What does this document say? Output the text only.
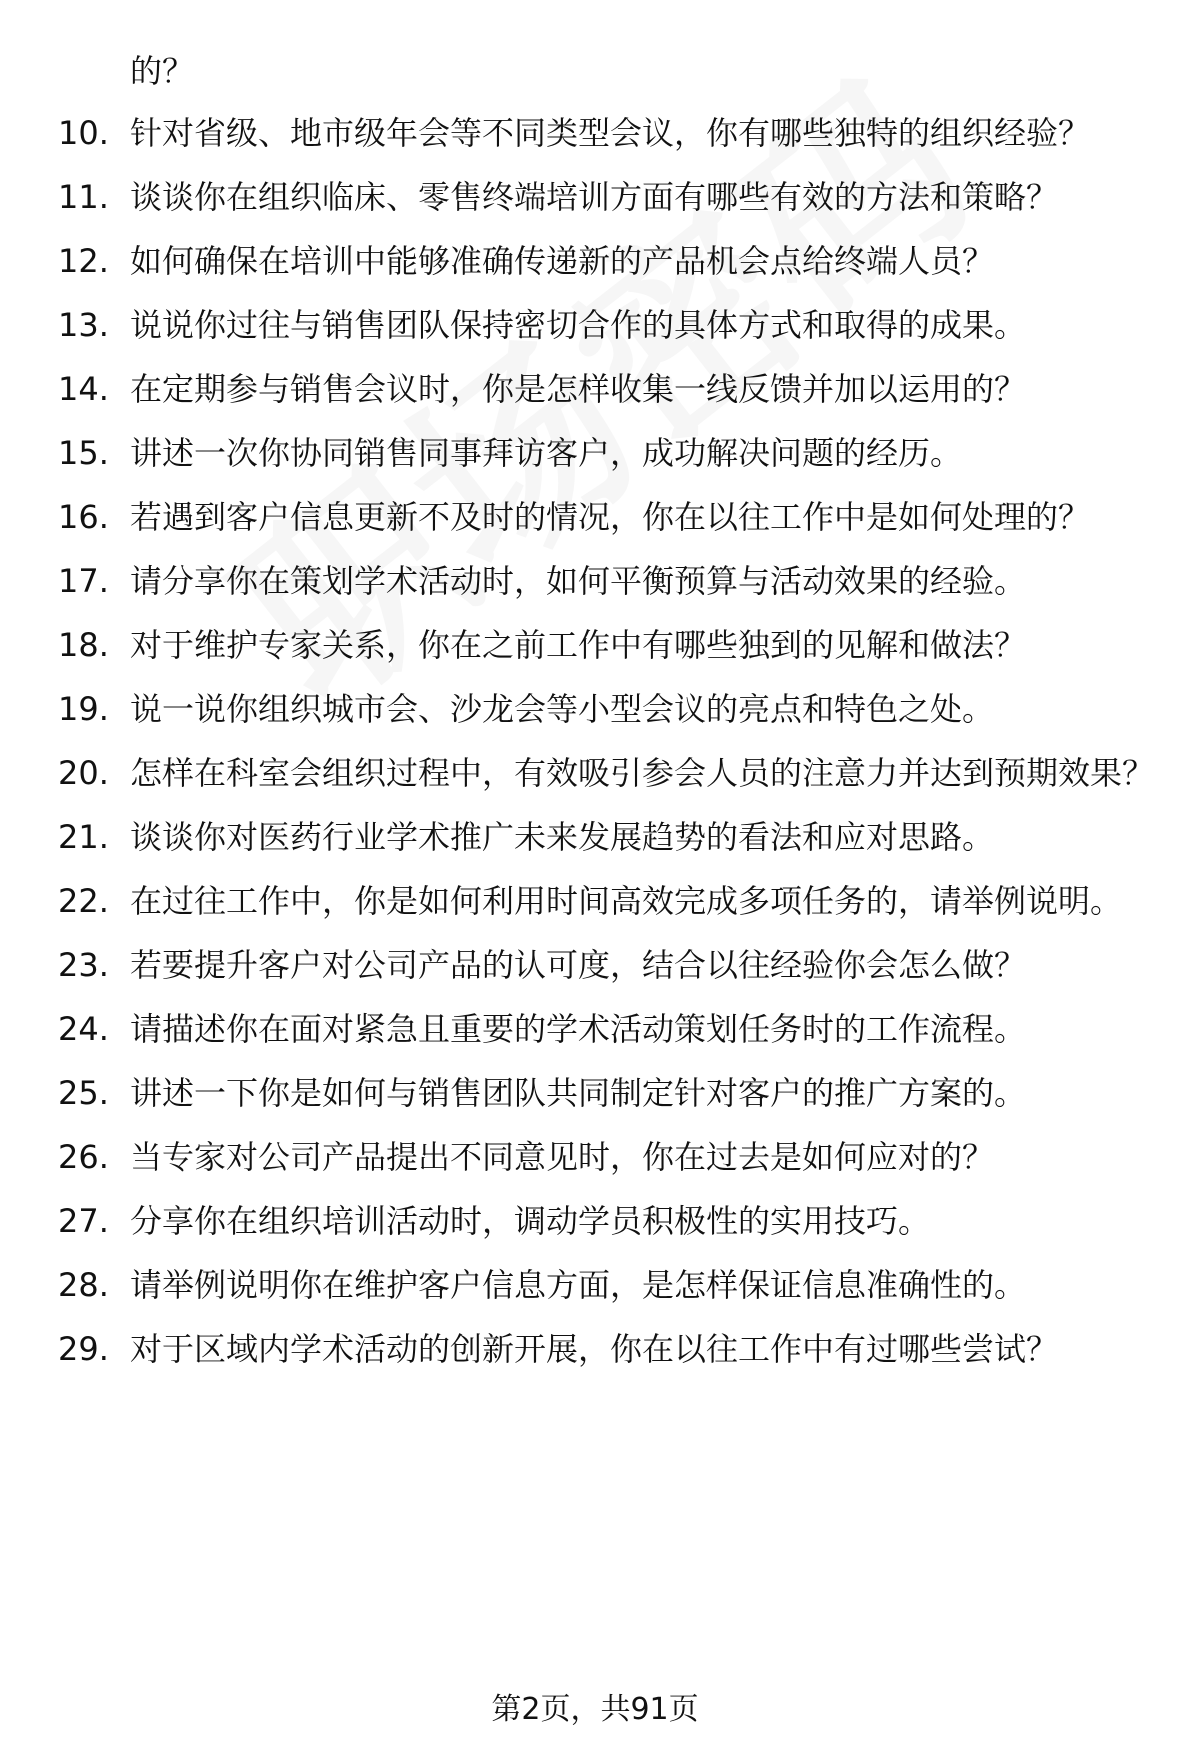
的？
10. 针对省级、地市级年会等不同类型会议，你有哪些独特的组织经验？
11. 谈谈你在组织临床、零售终端培训方面有哪些有效的方法和策略？
12. 如何确保在培训中能够准确传递新的产品机会点给终端人员？
13. 说说你过往与销售团队保持密切合作的具体方式和取得的成果。
14. 在定期参与销售会议时，你是怎样收集一线反馈并加以运用的？
15. 讲述一次你协同销售同事拜访客户，成功解决问题的经历。
16. 若遇到客户信息更新不及时的情况，你在以往工作中是如何处理的？
17. 请分享你在策划学术活动时，如何平衡预算与活动效果的经验。
18. 对于维护专家关系，你在之前工作中有哪些独到的见解和做法？
19. 说一说你组织城市会、沙龙会等小型会议的亮点和特色之处。
20. 怎样在科室会组织过程中，有效吸引参会人员的注意力并达到预期效果？
21. 谈谈你对医药行业学术推广未来发展趋势的看法和应对思路。
22. 在过往工作中，你是如何利用时间高效完成多项任务的，请举例说明。
23. 若要提升客户对公司产品的认可度，结合以往经验你会怎么做？
24. 请描述你在面对紧急且重要的学术活动策划任务时的工作流程。
25. 讲述一下你是如何与销售团队共同制定针对客户的推广方案的。
26. 当专家对公司产品提出不同意见时，你在过去是如何应对的？
27. 分享你在组织培训活动时，调动学员积极性的实用技巧。
28. 请举例说明你在维护客户信息方面，是怎样保证信息准确性的。
29. 对于区域内学术活动的创新开展，你在以往工作中有过哪些尝试？
第2页，共91页
